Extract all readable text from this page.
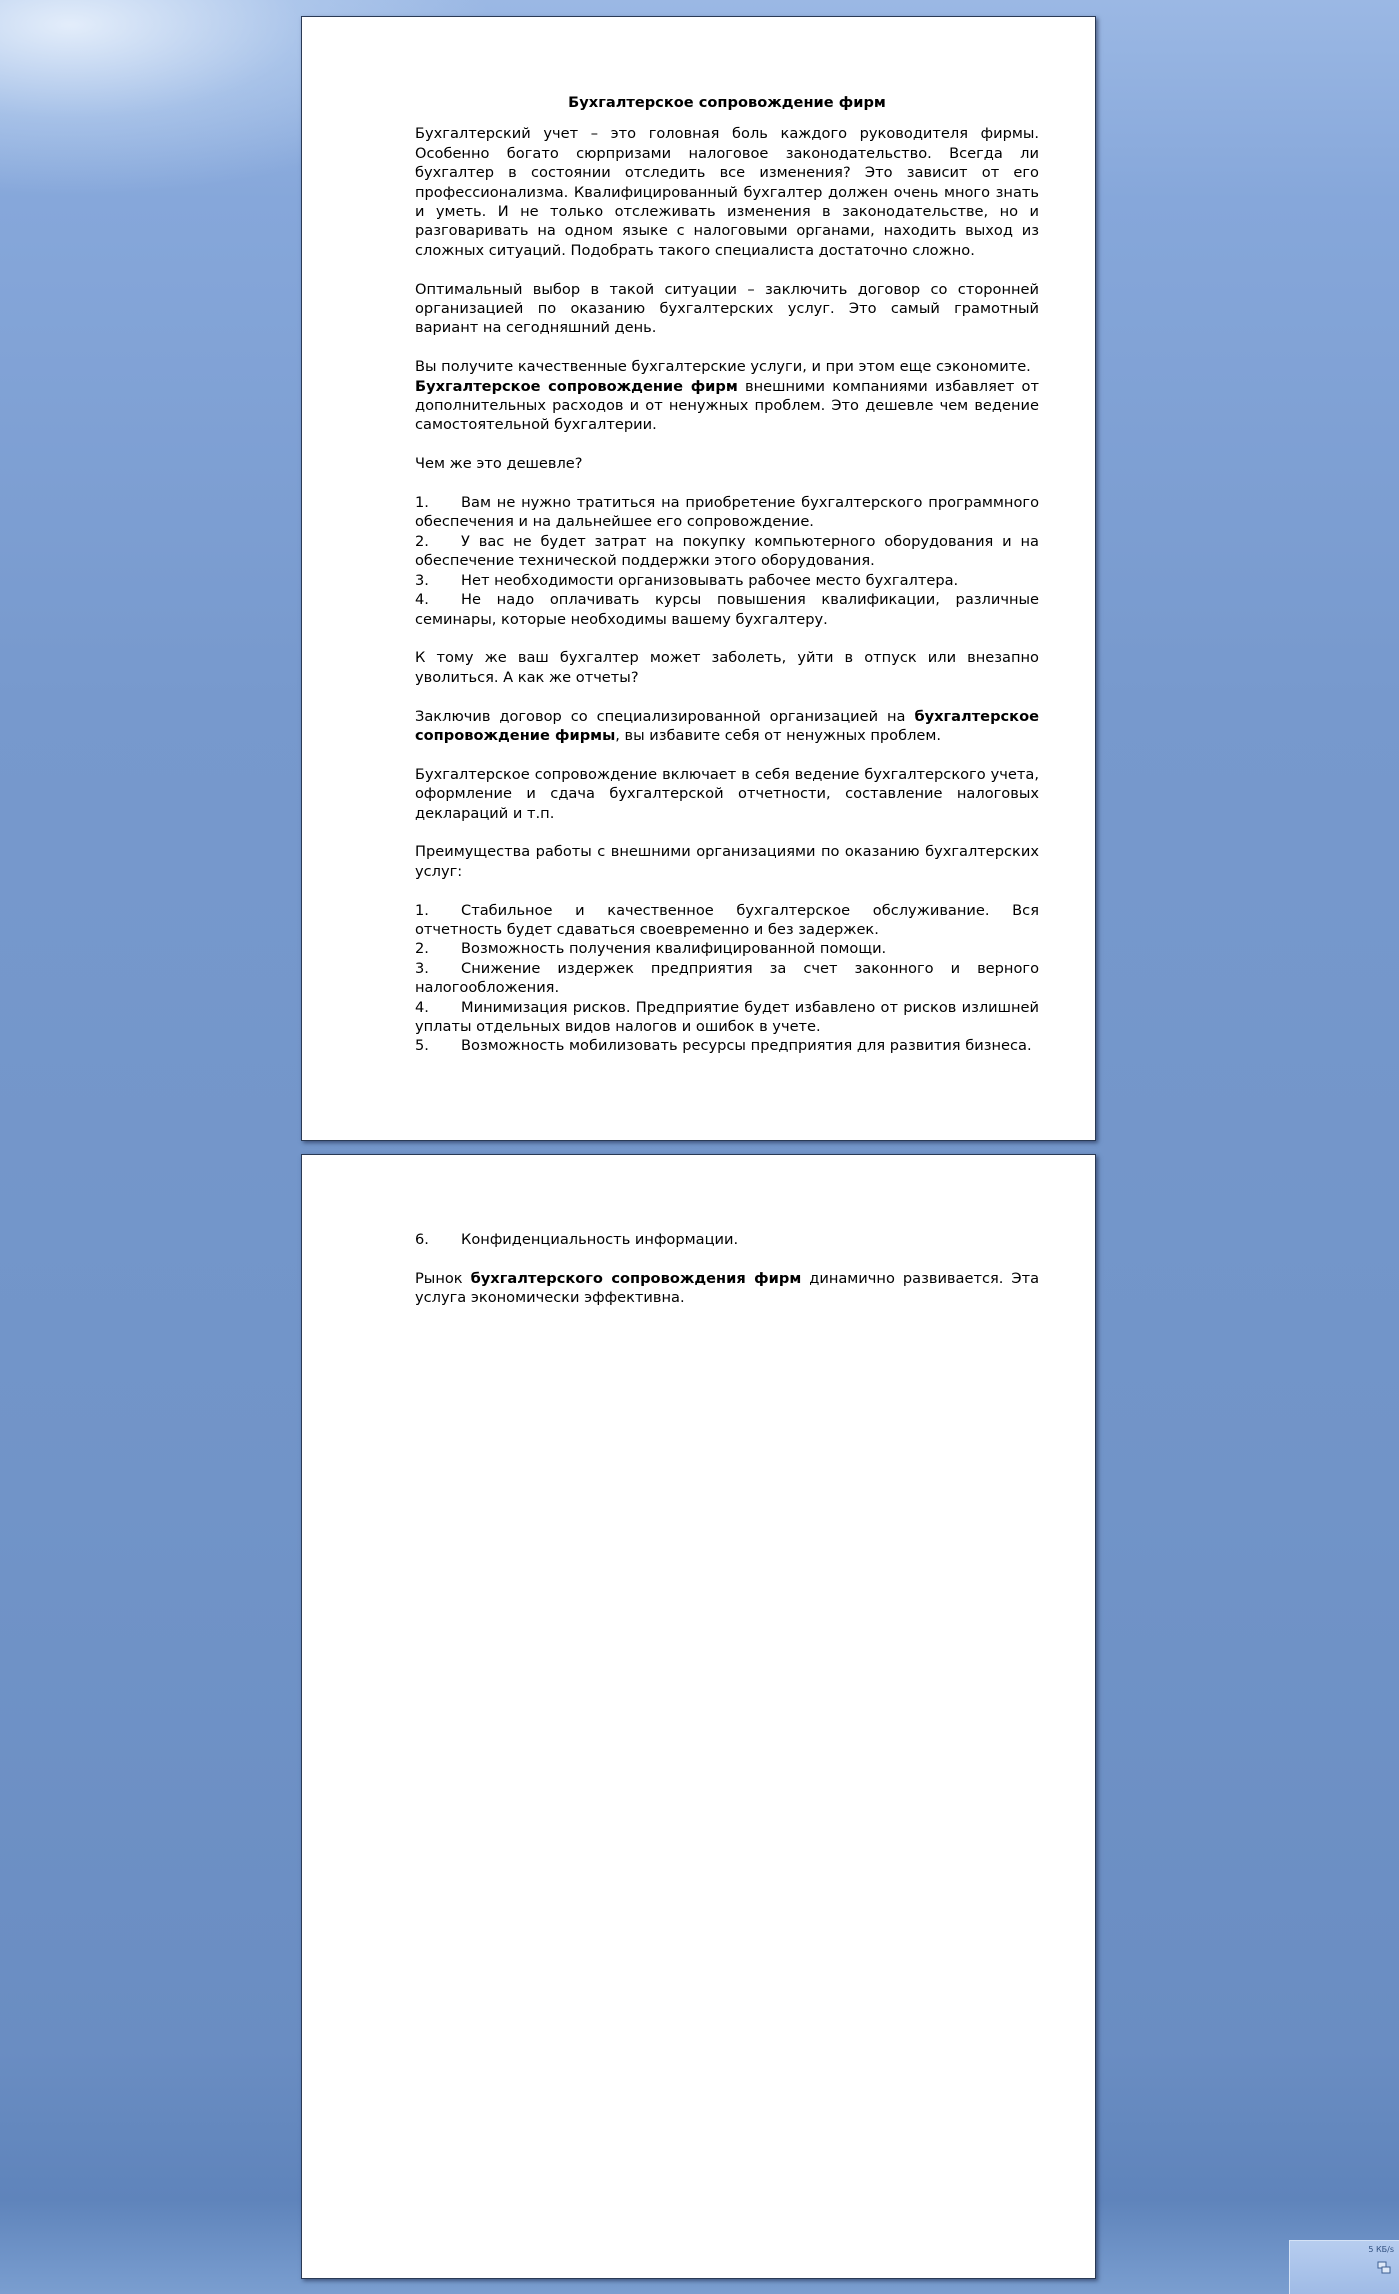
Бухгалтерское сопровождение фирм

Бухгалтерский учет – это головная боль каждого руководителя фирмы. Особенно богато сюрпризами налоговое законодательство. Всегда ли бухгалтер в состоянии отследить все изменения? Это зависит от его профессионализма. Квалифицированный бухгалтер должен очень много знать и уметь. И не только отслеживать изменения в законодательстве, но и разговаривать на одном языке с налоговыми органами, находить выход из сложных ситуаций. Подобрать такого специалиста достаточно сложно.

Оптимальный выбор в такой ситуации – заключить договор со сторонней организацией по оказанию бухгалтерских услуг. Это самый грамотный вариант на сегодняшний день.

Вы получите качественные бухгалтерские услуги, и при этом еще сэкономите.
Бухгалтерское сопровождение фирм внешними компаниями избавляет от дополнительных расходов и от ненужных проблем. Это дешевле чем ведение самостоятельной бухгалтерии.

Чем же это дешевле?

1. Вам не нужно тратиться на приобретение бухгалтерского программного обеспечения и на дальнейшее его сопровождение.
2. У вас не будет затрат на покупку компьютерного оборудования и на обеспечение технической поддержки этого оборудования.
3. Нет необходимости организовывать рабочее место бухгалтера.
4. Не надо оплачивать курсы повышения квалификации, различные семинары, которые необходимы вашему бухгалтеру.

К тому же ваш бухгалтер может заболеть, уйти в отпуск или внезапно уволиться. А как же отчеты?

Заключив договор со специализированной организацией на бухгалтерское сопровождение фирмы, вы избавите себя от ненужных проблем.

Бухгалтерское сопровождение включает в себя ведение бухгалтерского учета, оформление и сдача бухгалтерской отчетности, составление налоговых деклараций и т.п.

Преимущества работы с внешними организациями по оказанию бухгалтерских услуг:

1. Стабильное и качественное бухгалтерское обслуживание. Вся отчетность будет сдаваться своевременно и без задержек.
2. Возможность получения квалифицированной помощи.
3. Снижение издержек предприятия за счет законного и верного налогообложения.
4. Минимизация рисков. Предприятие будет избавлено от рисков излишней уплаты отдельных видов налогов и ошибок в учете.
5. Возможность мобилизовать ресурсы предприятия для развития бизнеса.
6. Конфиденциальность информации.

Рынок бухгалтерского сопровождения фирм динамично развивается. Эта услуга экономически эффективна.

5 КБ/s
